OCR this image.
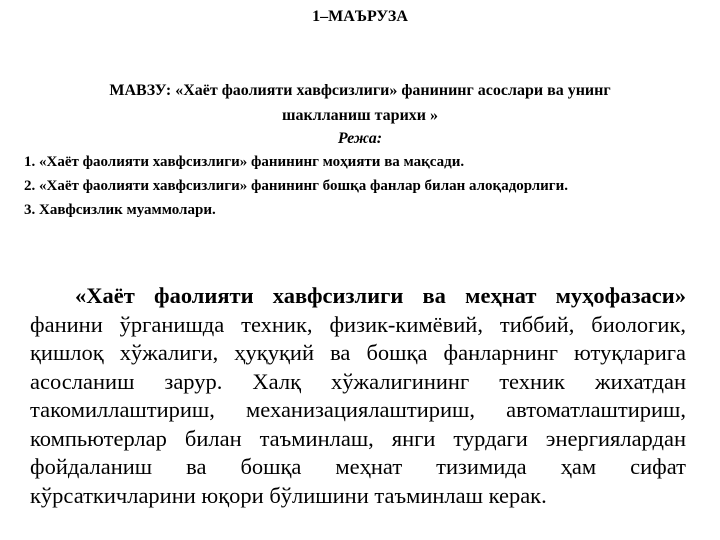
1–МАЪРУЗА
МАВЗУ: «Хаёт фаолияти хавфсизлиги» фанининг асослари ва унинг
шаклланиш тарихи »
Режа:
1. «Хаёт фаолияти хавфсизлиги» фанининг моҳияти ва мақсади.
2. «Хаёт фаолияти хавфсизлиги» фанининг бошқа фанлар билан алоқадорлиги.
3. Хавфсизлик муаммолари.
«Хаёт фаолияти хавфсизлиги ва меҳнат муҳофазаси»
фанини ўрганишда техник, физик-кимёвий, тиббий, биологик,
қишлоқ хўжалиги, ҳуқуқий ва бошқа фанларнинг ютуқларига
асосланиш зарур. Халқ хўжалигининг техник жихатдан
такомиллаштириш, механизациялаштириш, автоматлаштириш,
компьютерлар билан таъминлаш, янги турдаги энергиялардан
фойдаланиш ва бошқа меҳнат тизимида ҳам сифат
кўрсаткичларини юқори бўлишини таъминлаш керак.
